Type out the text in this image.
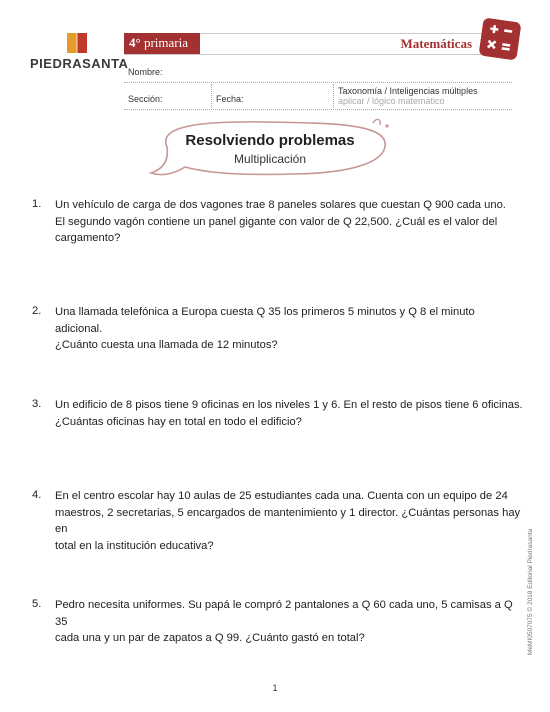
PIEDRASANTA
4° primaria	Matemáticas
Nombre:
Sección:	Fecha:
Taxonomía / Inteligencias múltiples
aplicar / lógico matemático
Resolviendo problemas
Multiplicación
1. Un vehículo de carga de dos vagones trae 8 paneles solares que cuestan Q 900 cada uno.
El segundo vagón contiene un panel gigante con valor de Q 22,500. ¿Cuál es el valor del
cargamento?
2. Una llamada telefónica a Europa cuesta Q 35 los primeros 5 minutos y Q 8 el minuto adicional.
¿Cuánto cuesta una llamada de 12 minutos?
3. Un edificio de 8 pisos tiene 9 oficinas en los niveles 1 y 6. En el resto de pisos tiene 6 oficinas.
¿Cuántas oficinas hay en total en todo el edificio?
4. En el centro escolar hay 10 aulas de 25 estudiantes cada una. Cuenta con un equipo de 24
maestros, 2 secretarias, 5 encargados de mantenimiento y 1 director. ¿Cuántas personas hay en
total en la institución educativa?
5. Pedro necesita uniformes. Su papá le compró 2 pantalones a Q 60 cada uno, 5 camisas a Q 35
cada una y un par de zapatos a Q 99. ¿Cuánto gastó en total?	MeMI0507075 © 2018 Editorial Piedrasanta
1
